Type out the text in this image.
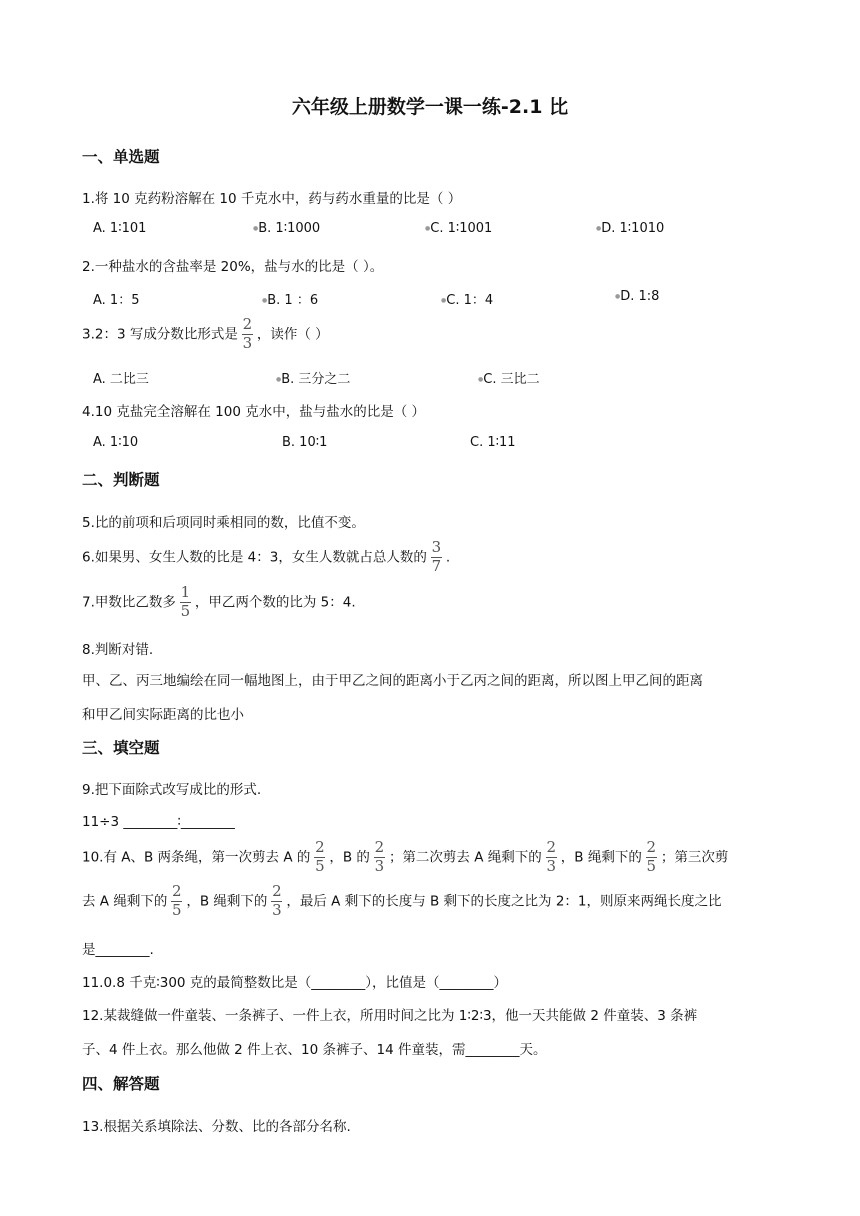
六年级上册数学一课一练-2.1 比
一、单选题
1.将 10 克药粉溶解在 10 千克水中，药与药水重量的比是（ ）
A. 1∶101	●B. 1∶1000	●C. 1∶1001	●D. 1∶1010
2.一种盐水的含盐率是 20%，盐与水的比是（ ）。
A. 1：5	●B. 1 ：6	●C. 1：4	●D. 1:8
3.2：3 写成分数比形式是 $\frac{2}{3}$ ，读作（ ）
A. 二比三	●B. 三分之二	●C. 三比二
4.10 克盐完全溶解在 100 克水中，盐与盐水的比是（ ）
A. 1∶10	B. 10∶1	C. 1∶11
二、判断题
5.比的前项和后项同时乘相同的数，比值不变。
6.如果男、女生人数的比是 4：3，女生人数就占总人数的 $\frac{3}{7}$ .
7.甲数比乙数多 $\frac{1}{5}$ ，甲乙两个数的比为 5：4.
8.判断对错.
甲、乙、丙三地编绘在同一幅地图上，由于甲乙之间的距离小于乙丙之间的距离，所以图上甲乙间的距离
和甲乙间实际距离的比也小
三、填空题
9.把下面除式改写成比的形式.
11÷3 ________∶________
10.有 A、B 两条绳，第一次剪去 A 的 $\frac{2}{5}$ ，B 的 $\frac{2}{3}$ ；第二次剪去 A 绳剩下的 $\frac{2}{3}$ ，B 绳剩下的 $\frac{2}{5}$ ；第三次剪
去 A 绳剩下的 $\frac{2}{5}$ ，B 绳剩下的 $\frac{2}{3}$ ，最后 A 剩下的长度与 B 剩下的长度之比为 2：1，则原来两绳长度之比
是________.
11.0.8 千克∶300 克的最简整数比是（________），比值是（________）
12.某裁缝做一件童装、一条裤子、一件上衣，所用时间之比为 1∶2∶3，他一天共能做 2 件童装、3 条裤
子、4 件上衣。那么他做 2 件上衣、10 条裤子、14 件童装，需________天。
四、解答题
13.根据关系填除法、分数、比的各部分名称.
